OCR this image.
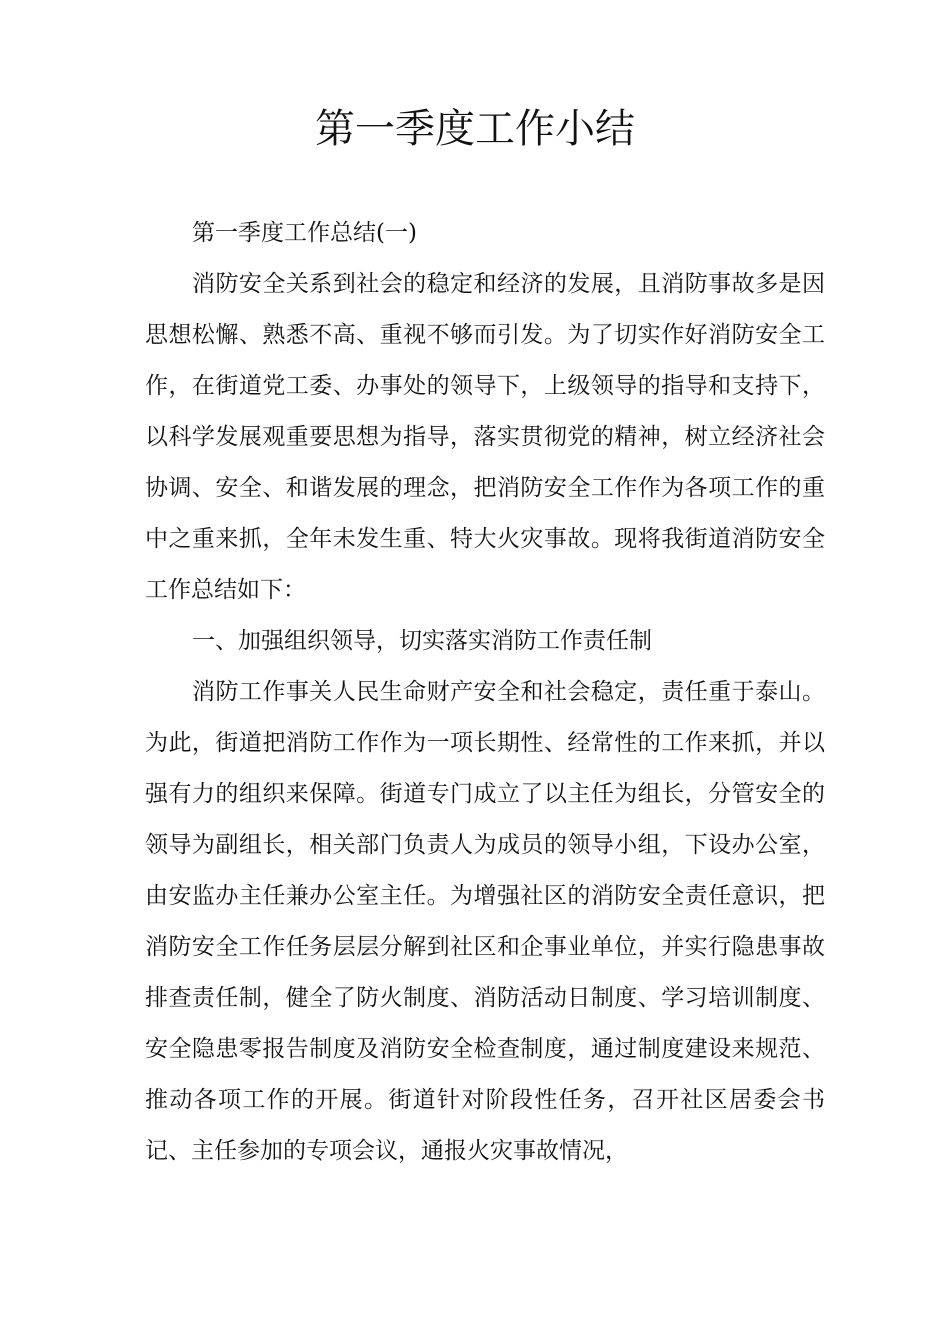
第一季度工作小结

第一季度工作总结(一)

消防安全关系到社会的稳定和经济的发展，且消防事故多是因思想松懈、熟悉不高、重视不够而引发。为了切实作好消防安全工作，在街道党工委、办事处的领导下，上级领导的指导和支持下，以科学发展观重要思想为指导，落实贯彻党的精神，树立经济社会协调、安全、和谐发展的理念，把消防安全工作作为各项工作的重中之重来抓，全年未发生重、特大火灾事故。现将我街道消防安全工作总结如下：

一、加强组织领导，切实落实消防工作责任制

消防工作事关人民生命财产安全和社会稳定，责任重于泰山。为此，街道把消防工作作为一项长期性、经常性的工作来抓，并以强有力的组织来保障。街道专门成立了以主任为组长，分管安全的领导为副组长，相关部门负责人为成员的领导小组，下设办公室，由安监办主任兼办公室主任。为增强社区的消防安全责任意识，把消防安全工作任务层层分解到社区和企事业单位，并实行隐患事故排查责任制，健全了防火制度、消防活动日制度、学习培训制度、安全隐患零报告制度及消防安全检查制度，通过制度建设来规范、推动各项工作的开展。街道针对阶段性任务，召开社区居委会书记、主任参加的专项会议，通报火灾事故情况，
